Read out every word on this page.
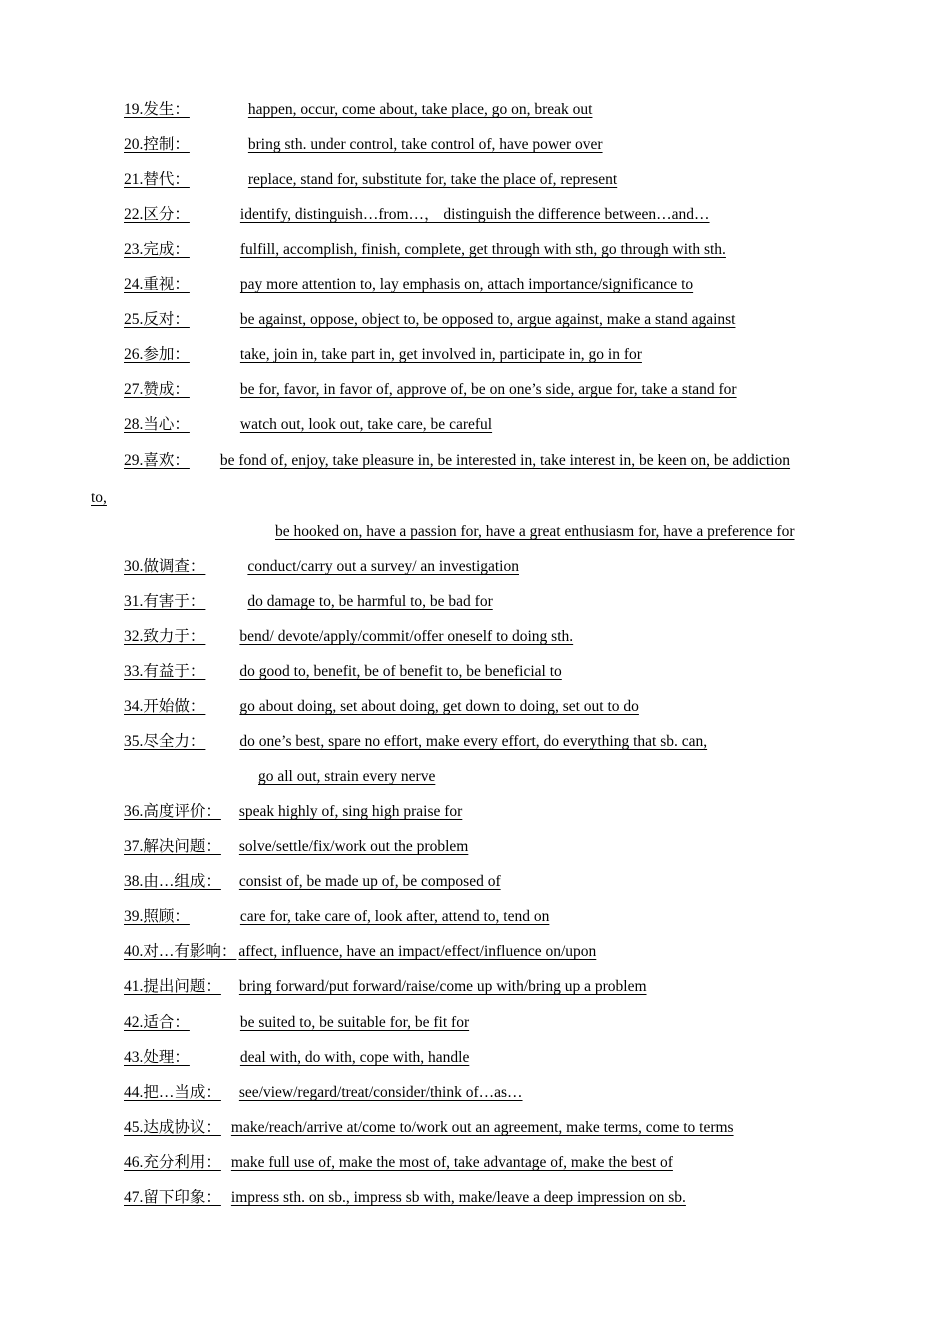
19.发生：	happen, occur, come about, take place, go on, break out
20.控制：	bring sth. under control, take control of, have power over
21.替代：	replace, stand for, substitute for, take the place of, represent
22.区分：	identify, distinguish…from…， distinguish the difference between…and…
23.完成：	fulfill, accomplish, finish, complete, get through with sth, go through with sth.
24.重视：	pay more attention to, lay emphasis on, attach importance/significance to
25.反对：	be against, oppose, object to, be opposed to, argue against, make a stand against
26.参加：	take, join in, take part in, get involved in, participate in, go in for
27.赞成：	be for, favor, in favor of, approve of, be on one’s side, argue for, take a stand for
28.当心：	watch out, look out, take care, be careful
29.喜欢： be fond of, enjoy, take pleasure in, be interested in, take interest in, be keen on, be addiction
to,
be hooked on, have a passion for, have a great enthusiasm for, have a preference for
30.做调查：	conduct/carry out a survey/ an investigation
31.有害于：	do damage to, be harmful to, be bad for
32.致力于： bend/ devote/apply/commit/offer oneself to doing sth.
33.有益于： do good to, benefit, be of benefit to, be beneficial to
34.开始做： go about doing, set about doing, get down to doing, set out to do
35.尽全力： do one’s best, spare no effort, make every effort, do everything that sb. can,
go all out, strain every nerve
36.高度评价： speak highly of, sing high praise for
37.解决问题： solve/settle/fix/work out the problem
38.由…组成： consist of, be made up of, be composed of
39.照顾：	care for, take care of, look after, attend to, tend on
40.对…有影响： affect, influence, have an impact/effect/influence on/upon
41.提出问题： bring forward/put forward/raise/come up with/bring up a problem
42.适合：	be suited to, be suitable for, be fit for
43.处理：	deal with, do with, cope with, handle
44.把…当成： see/view/regard/treat/consider/think of…as…
45.达成协议： make/reach/arrive at/come to/work out an agreement, make terms, come to terms
46.充分利用： make full use of, make the most of, take advantage of, make the best of
47.留下印象： impress sth. on sb., impress sb with, make/leave a deep impression on sb.
